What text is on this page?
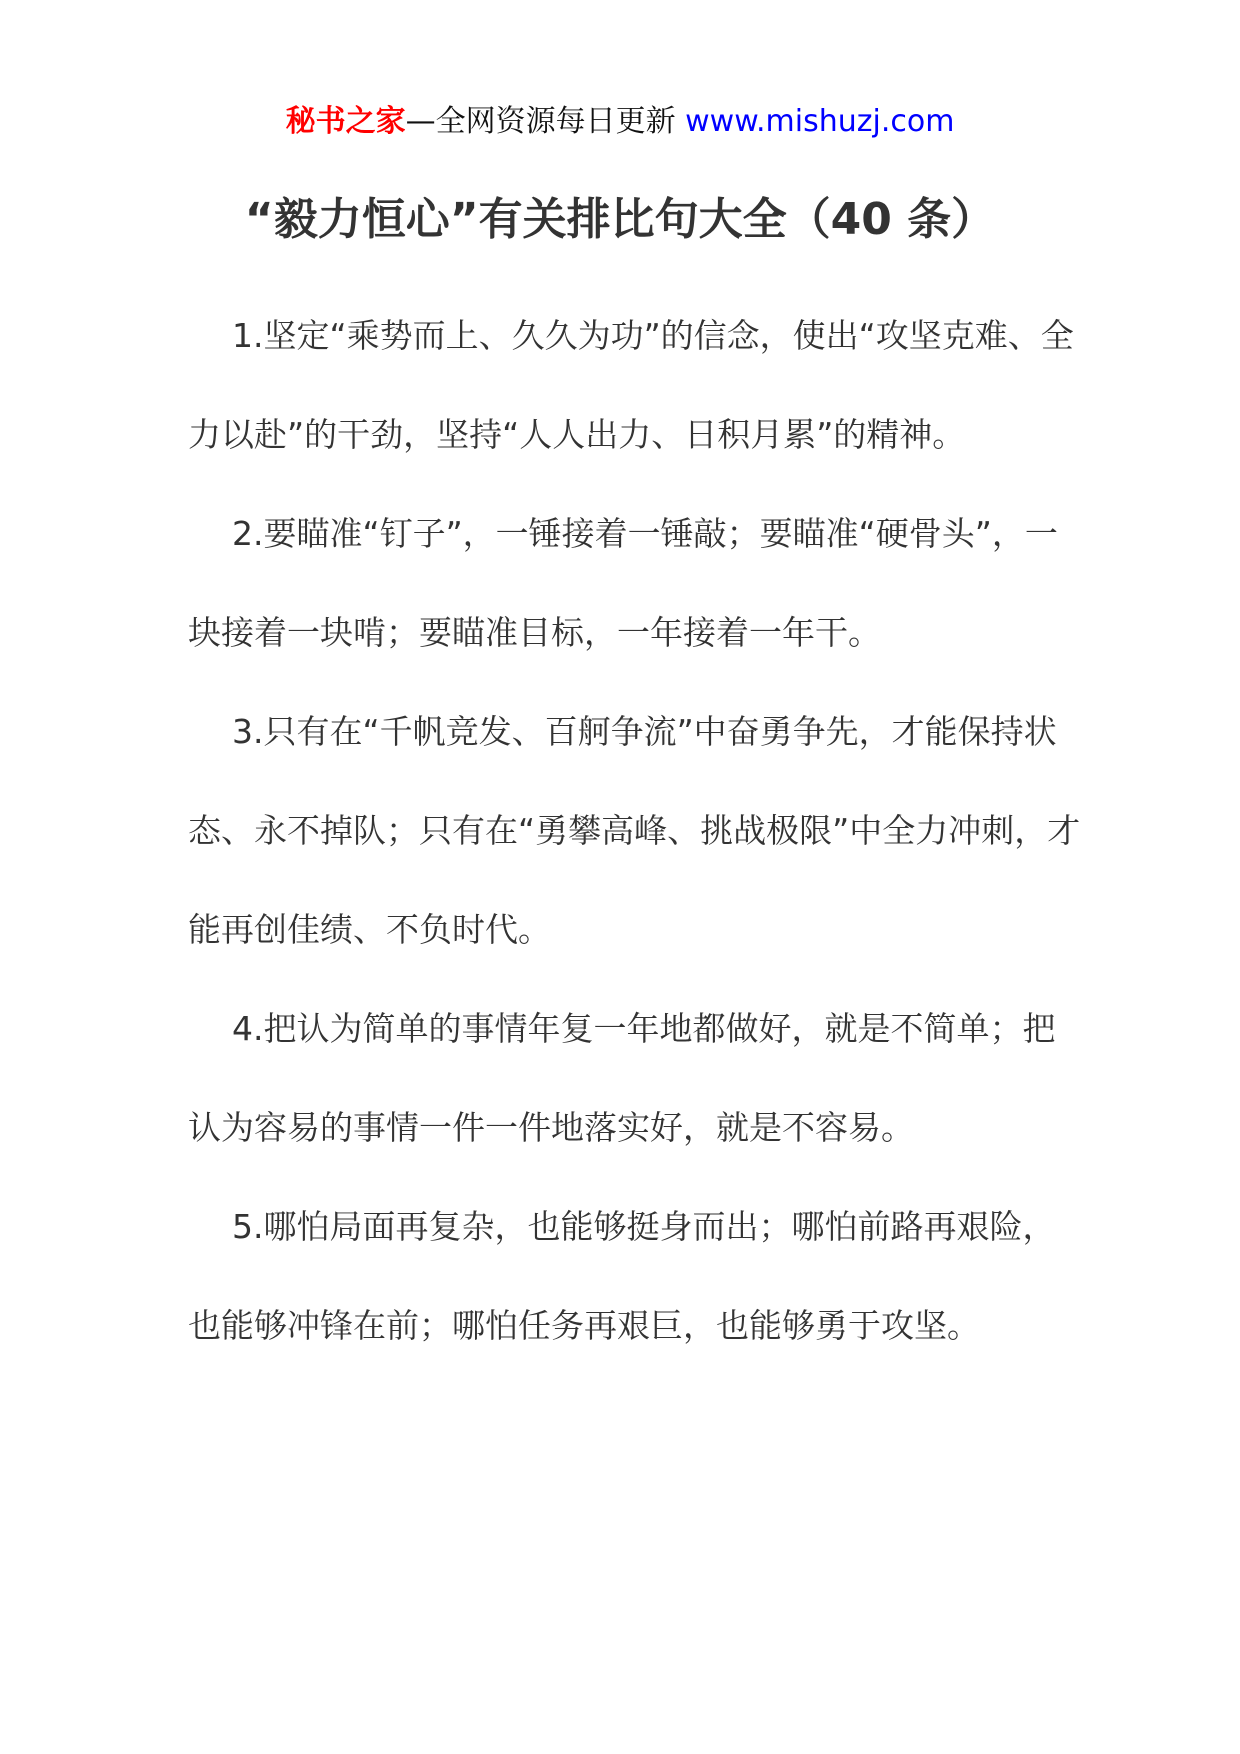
秘书之家—全网资源每日更新 www.mishuzj.com
“毅力恒心”有关排比句大全（40 条）

1.坚定“乘势而上、久久为功”的信念，使出“攻坚克难、全力以赴”的干劲，坚持“人人出力、日积月累”的精神。

2.要瞄准“钉子”，一锤接着一锤敲；要瞄准“硬骨头”，一块接着一块啃；要瞄准目标，一年接着一年干。

3.只有在“千帆竞发、百舸争流”中奋勇争先，才能保持状态、永不掉队；只有在“勇攀高峰、挑战极限”中全力冲刺，才能再创佳绩、不负时代。

4.把认为简单的事情年复一年地都做好，就是不简单；把认为容易的事情一件一件地落实好，就是不容易。

5.哪怕局面再复杂，也能够挺身而出；哪怕前路再艰险，也能够冲锋在前；哪怕任务再艰巨，也能够勇于攻坚。
